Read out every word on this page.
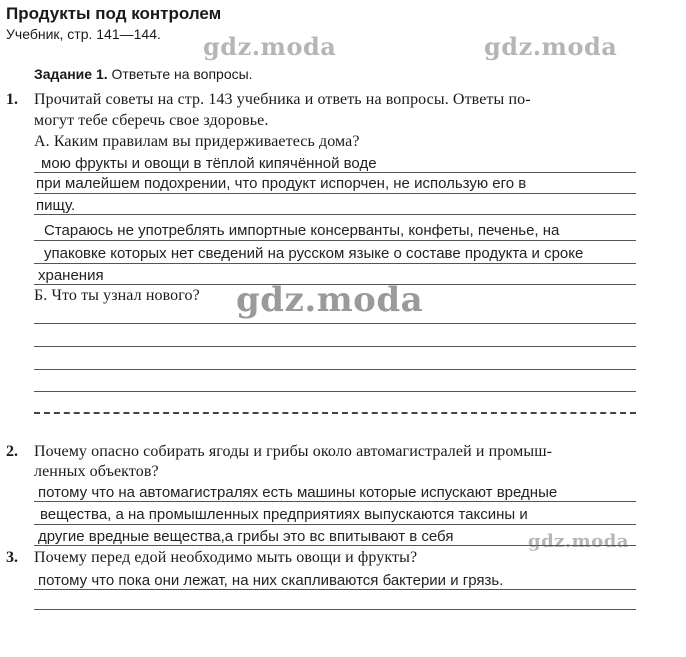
Продукты под контролем
Учебник, стр. 141—144. gdz.moda	gdz.moda
gdz.moda
gdz.moda
Задание 1. Ответьте на вопросы.
1. Прочитай советы на стр. 143 учебника и ответь на вопросы. Ответы по-
могут тебе сберечь свое здоровье.
А. Каким правилам вы придерживаетесь дома?
мою фрукты и овощи в тёплой кипячённой воде
при малейшем подохрении, что продукт испорчен, не использую его в
пищу.
Стараюсь не употреблять импортные консерванты, конфеты, печенье, на
упаковке которых нет сведений на русском языке о составе продукта и сроке
хранения
Б. Что ты узнал нового?
2. Почему опасно собирать ягоды и грибы около автомагистралей и промыш-
ленных объектов?
потому что на автомагистралях есть машины которые испускают вредные
вещества, а на промышленных предприятиях выпускаются таксины и
другие вредные вещества,а грибы это вс впитывают в себя
3. Почему перед едой необходимо мыть овощи и фрукты?
потому что пока они лежат, на них скапливаются бактерии и грязь.
